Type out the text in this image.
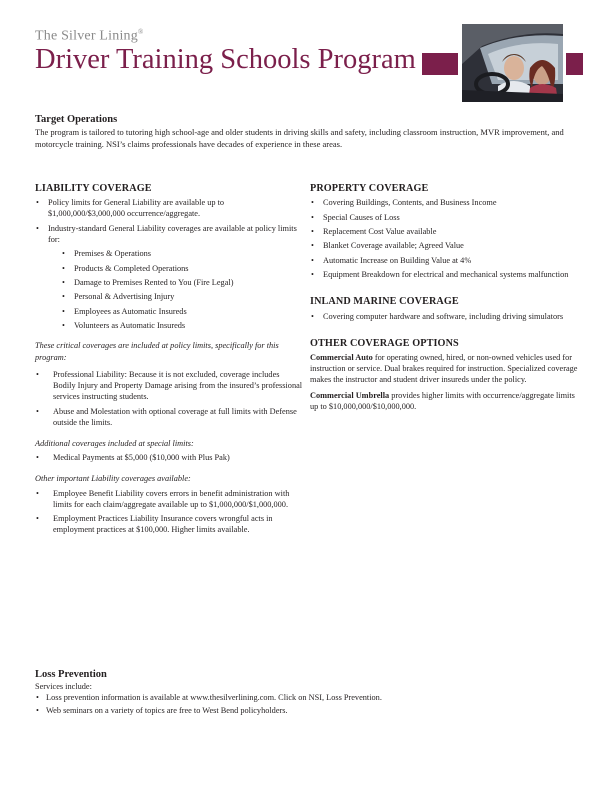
The Silver Lining®
Driver Training Schools Program
Target Operations

The program is tailored to tutoring high school-age and older students in driving skills and safety, including classroom instruction, MVR improvement, and motorcycle training. NSI’s claims professionals have decades of experience in these areas.

LIABILITY COVERAGE
• Policy limits for General Liability are available up to $1,000,000/$3,000,000 occurrence/aggregate.
• Industry-standard General Liability coverages are available at policy limits for:
• Premises & Operations
• Products & Completed Operations
• Damage to Premises Rented to You (Fire Legal)
• Personal & Advertising Injury
• Employees as Automatic Insureds
• Volunteers as Automatic Insureds

These critical coverages are included at policy limits, specifically for this program:

• Professional Liability: Because it is not excluded, coverage includes Bodily Injury and Property Damage arising from the insured’s professional services instructing students.
• Abuse and Molestation with optional coverage at full limits with Defense outside the limits.

Additional coverages included at special limits:

• Medical Payments at $5,000 ($10,000 with Plus Pak)

Other important Liability coverages available:

• Employee Benefit Liability covers errors in benefit administration with limits for each claim/aggregate available up to $1,000,000/$1,000,000.
• Employment Practices Liability Insurance covers wrongful acts in employment practices at $100,000. Higher limits available.
PROPERTY COVERAGE
• Covering Buildings, Contents, and Business Income
• Special Causes of Loss
• Replacement Cost Value available
• Blanket Coverage available; Agreed Value
• Automatic Increase on Building Value at 4%
• Equipment Breakdown for electrical and mechanical systems malfunction
INLAND MARINE COVERAGE
• Covering computer hardware and software, including driving simulators
OTHER COVERAGE OPTIONS

Commercial Auto for operating owned, hired, or non-owned vehicles used for instruction or service. Dual brakes required for instruction. Specialized coverage makes the instructor and student driver insureds under the policy.

Commercial Umbrella provides higher limits with occurrence/aggregate limits up to $10,000,000/$10,000,000.

Loss Prevention

Services include:

• Loss prevention information is available at www.thesilverlining.com. Click on NSI, Loss Prevention.
• Web seminars on a variety of topics are free to West Bend policyholders.
